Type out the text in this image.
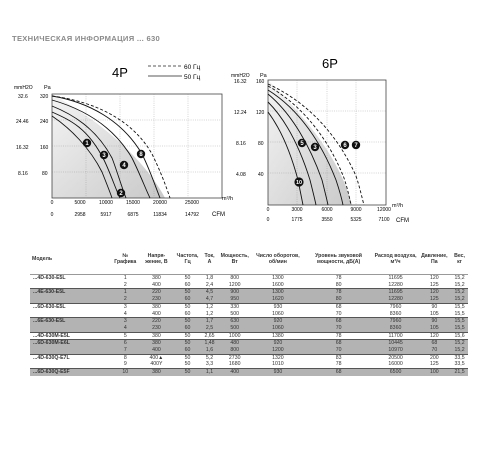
ТЕХНИЧЕСКАЯ ИНФОРМАЦИЯ ... 630
4P	60 Гц
50 Гц
mmH2O Pa
1
2
3
4
8
32.6
24.46
16.32
8.16
320
240
160
80
0	5000	10000	15000	20000	25000
0	2958	5917	6875	11834	14792
m³/h
CFM
6P
mmH2O Pa
10
5
3	6 7
16.32
12.24
8.16
4.08
160
120
80
40
0	3000	6000	9000	12000
0	1775	3550	5325	7100
m³/h
CFM
Модель	№ Графика	Напря-жение, В	Частота, Гц	Ток, А	Мощность, Вт	Число оборотов, об/мин	Уровень звуковой мощности, дБ(А)	Расход воздуха, м³/ч	Давление, Па	Вес, кг
...4D-630-E5L	1	380	50	1,8	800	1300	78	11695	120	15,2
	2	400	60	2,4	1200	1600	80	12280	125	15,2
...4E-630-E5L	1	220	50	4,5	900	1300	78	11695	120	15,2
	2	230	60	4,7	950	1620	80	12280	125	15,2
...6D-630-E5L	3	380	50	1,2	330	930	68	7960	90	15,5
	4	400	60	1,2	500	1060	70	8360	105	15,5
...6E-630-E5L	3	220	50	1,7	630	920	68	7960	90	15,5
	4	230	60	2,5	500	1060	70	8360	105	15,5
...4D-630M-E5L	5	380	50	2,65	1000	1380	78	11700	120	15,6
...6D-630M-E6L	6	380	50	1,48	480	920	68	10445	68	15,2
	7	400	60	1,6	800	1200	70	10970	70	15,2
...4D-630Q-E7L	8	400▲	50	5,2	2730	1320	83	20500	200	33,5
	9	400Y	50	3,3	1680	1010	78	16000	125	33,5
...6D-630Q-E5F	10	380	50	1,1	400	930	68	6500	100	21,5
